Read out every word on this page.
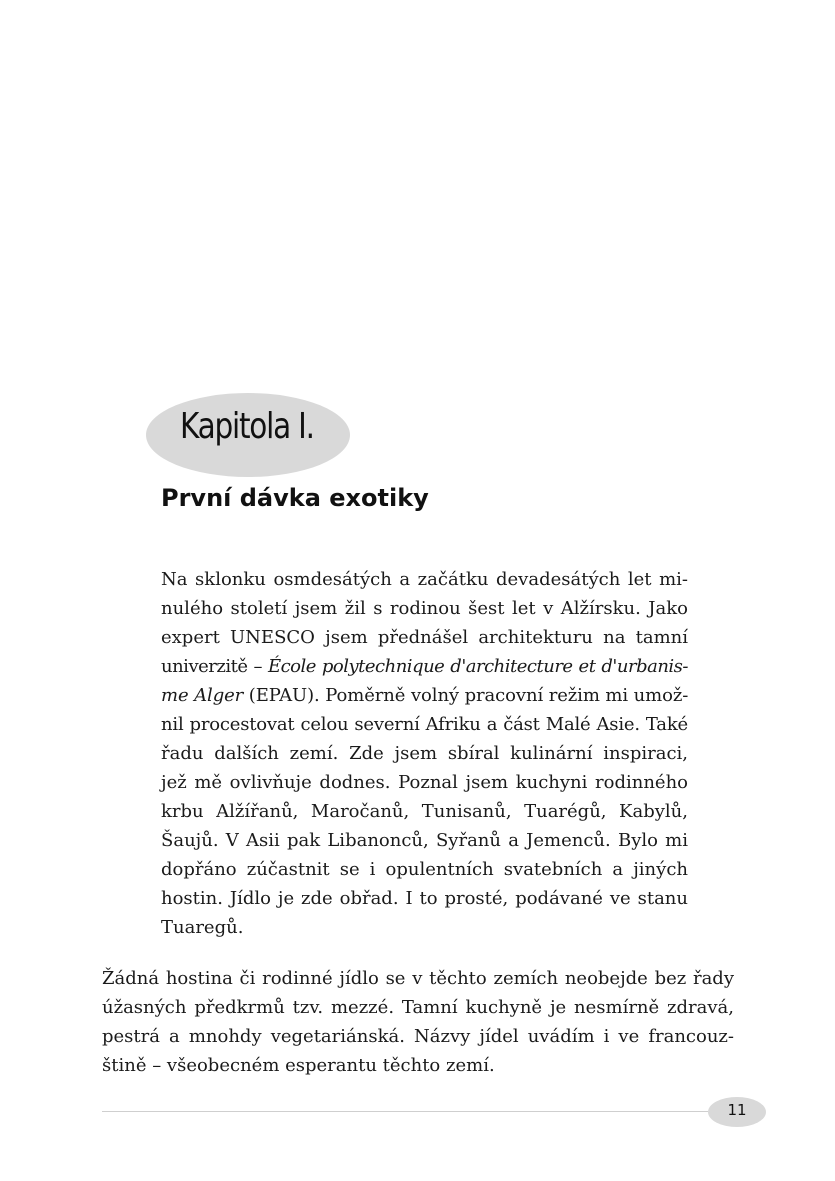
Kapitola I.
První dávka exotiky
Na sklonku osmdesátých a začátku devadesátých let mi-
nulého století jsem žil s rodinou šest let v Alžírsku. Jako
expert UNESCO jsem přednášel architekturu na tamní
univerzitě – École polytechnique d'architecture et d'urbanis-
me Alger (EPAU). Poměrně volný pracovní režim mi umož-
nil procestovat celou severní Afriku a část Malé Asie. Také
řadu dalších zemí. Zde jsem sbíral kulinární inspiraci,
jež mě ovlivňuje dodnes. Poznal jsem kuchyni rodinného
krbu Alžířanů, Maročanů, Tunisanů, Tuarégů, Kabylů,
Šaujů. V Asii pak Libanonců, Syřanů a Jemenců. Bylo mi
dopřáno zúčastnit se i opulentních svatebních a jiných
hostin. Jídlo je zde obřad. I to prosté, podávané ve stanu
Tuaregů.
Žádná hostina či rodinné jídlo se v těchto zemích neobejde bez řady
úžasných předkrmů tzv. mezzé. Tamní kuchyně je nesmírně zdravá,
pestrá a mnohdy vegetariánská. Názvy jídel uvádím i ve francouz-
štině – všeobecném esperantu těchto zemí.
11
